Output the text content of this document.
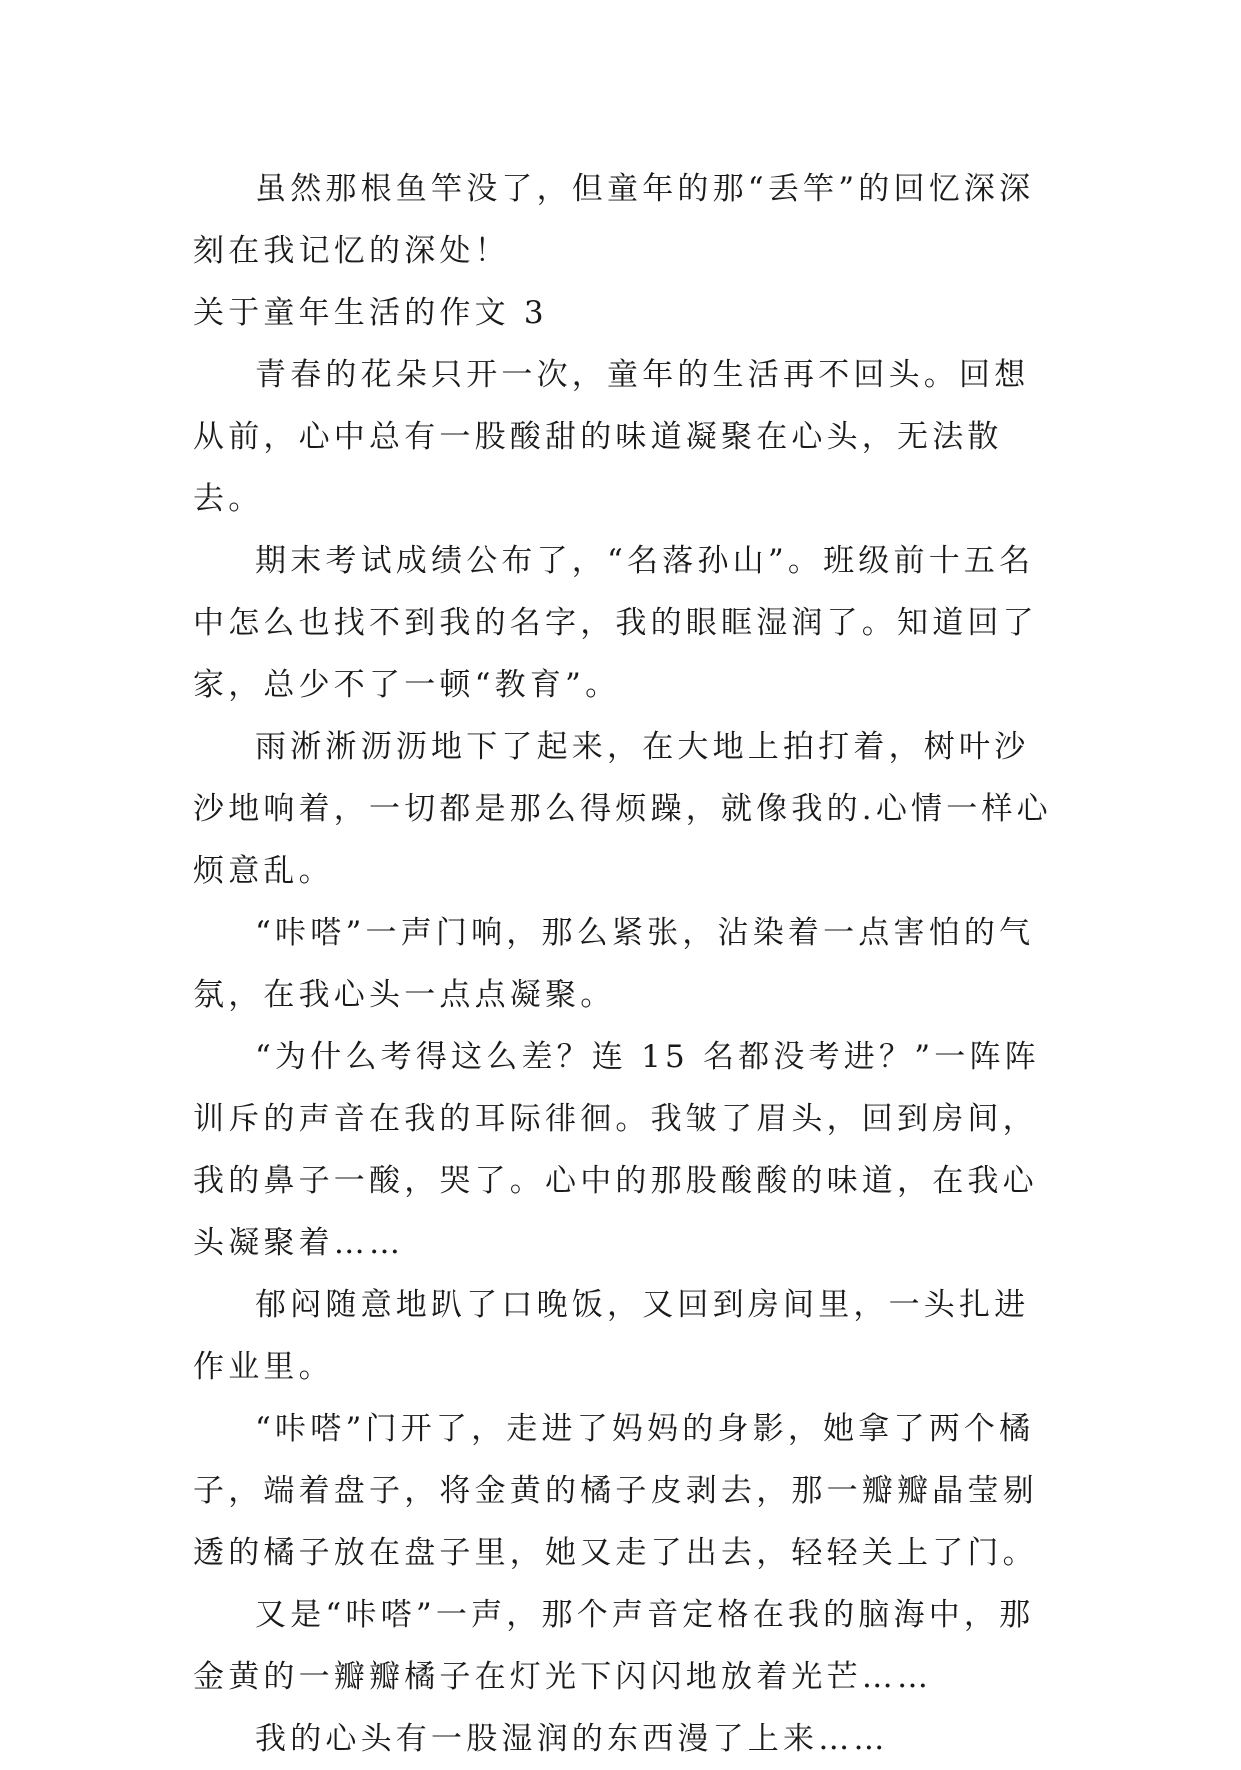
虽然那根鱼竿没了，但童年的那“丢竿”的回忆深深刻在我记忆的深处！

关于童年生活的作文 3

青春的花朵只开一次，童年的生活再不回头。回想从前，心中总有一股酸甜的味道凝聚在心头，无法散去。

期末考试成绩公布了，“名落孙山”。班级前十五名中怎么也找不到我的名字，我的眼眶湿润了。知道回了家，总少不了一顿“教育”。

雨淅淅沥沥地下了起来，在大地上拍打着，树叶沙沙地响着，一切都是那么得烦躁，就像我的.心情一样心烦意乱。

“咔嗒”一声门响，那么紧张，沾染着一点害怕的气氛，在我心头一点点凝聚。

“为什么考得这么差？连 15 名都没考进？”一阵阵训斥的声音在我的耳际徘徊。我皱了眉头，回到房间，我的鼻子一酸，哭了。心中的那股酸酸的味道，在我心头凝聚着……

郁闷随意地趴了口晚饭，又回到房间里，一头扎进作业里。

“咔嗒”门开了，走进了妈妈的身影，她拿了两个橘子，端着盘子，将金黄的橘子皮剥去，那一瓣瓣晶莹剔透的橘子放在盘子里，她又走了出去，轻轻关上了门。

又是“咔嗒”一声，那个声音定格在我的脑海中，那金黄的一瓣瓣橘子在灯光下闪闪地放着光芒……

我的心头有一股湿润的东西漫了上来……
